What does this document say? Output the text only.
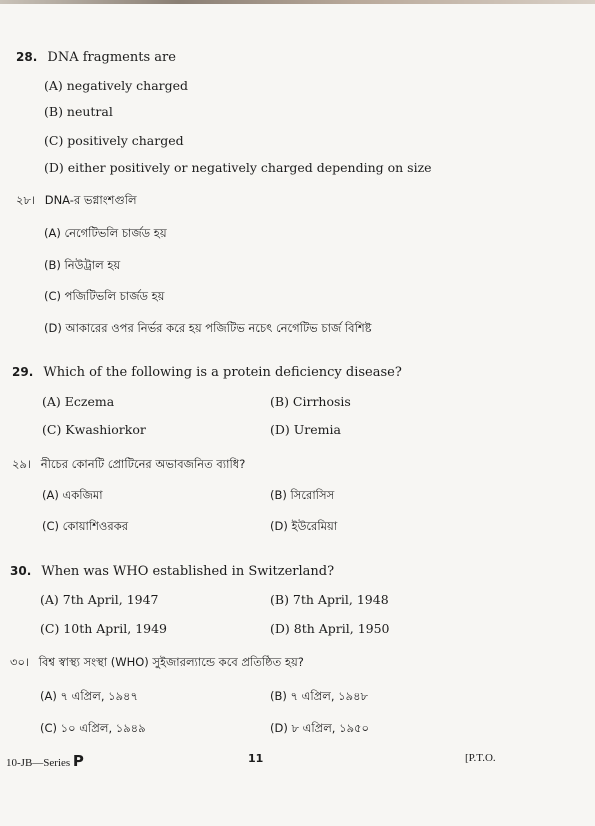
28. DNA fragments are
(A) negatively charged
(B) neutral
(C) positively charged
(D) either positively or negatively charged depending on size
২৮। DNA-র ভগ্নাংশগুলি
(A) নেগেটিভলি চার্জড হয়
(B) নিউট্রাল হয়
(C) পজিটিভলি চার্জড হয়
(D) আকারের ওপর নির্ভর করে হয় পজিটিভ নচেৎ নেগেটিভ চার্জ বিশিষ্ট
29. Which of the following is a protein deficiency disease?
(A) Eczema	(B) Cirrhosis
(C) Kwashiorkor	(D) Uremia
২৯। নীচের কোনটি প্রোটিনের অভাবজনিত ব্যাধি?
(A) একজিমা	(B) সিরোসিস
(C) কোয়াশিওরকর	(D) ইউরেমিয়া
30. When was WHO established in Switzerland?
(A) 7th April, 1947	(B) 7th April, 1948
(C) 10th April, 1949	(D) 8th April, 1950
৩০। বিশ্ব স্বাস্থ্য সংস্থা (WHO) সুইজারল্যান্ডে কবে প্রতিষ্ঠিত হয়?
(A) ৭ এপ্রিল, ১৯৪৭	(B) ৭ এপ্রিল, ১৯৪৮
(C) ১০ এপ্রিল, ১৯৪৯	(D) ৮ এপ্রিল, ১৯৫০
10-JB—Series P	11	[P.T.O.
